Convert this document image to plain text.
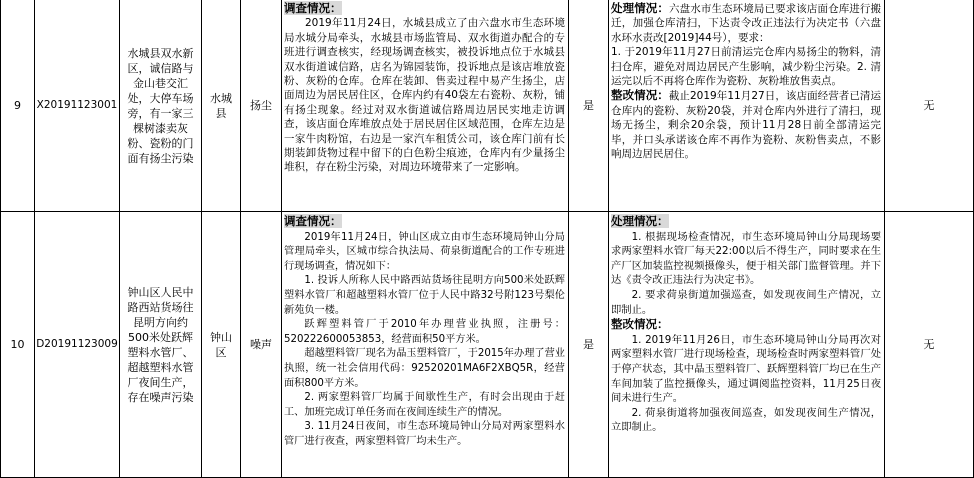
9	X20191123001
水城县双水新区，诚信路与金山巷交汇处，大停车场旁，有一家三棵树漆卖灰粉、瓷粉的门面有扬尘污染
水城县
扬尘

调查情况：

2019年11月24日，水城县成立了由六盘水市生态环境局水城分局牵头，水城县市场监管局、双水街道办配合的专班进行调查核实，经现场调查核实，被投诉地点位于水城县双水街道诚信路，店名为锦园装饰，投诉地点是该店堆放瓷粉、灰粉的仓库。仓库在装卸、售卖过程中易产生扬尘，店面周边为居民居住区，仓库内约有40袋左右瓷粉、灰粉，铺有扬尘现象。经过对双水街道诚信路周边居民实地走访调查，该店面仓库堆放点处于居民居住区域范围，仓库左边是一家牛肉粉馆，右边是一家汽车租赁公司，该仓库门前有长期装卸货物过程中留下的白色粉尘痕迹，仓库内有少量扬尘堆积，存在粉尘污染，对周边环境带来了一定影响。

是

处理情况：六盘水市生态环境局已要求该店面仓库进行搬迁，加强仓库清扫，下达责令改正违法行为决定书（六盘水环水责改[2019]44号），要求：

1. 于2019年11月27日前清运完仓库内易扬尘的物料，清扫仓库，避免对周边居民产生影响，减少粉尘污染。2. 清运完以后不再将仓库作为瓷粉、灰粉堆放售卖点。

整改情况：截止2019年11月27日，该店面经营者已清运仓库内的瓷粉、灰粉20袋，并对仓库内外进行了清扫，现场无扬尘，剩余20余袋，预计11月28日前全部清运完毕，并口头承诺该仓库不再作为瓷粉、灰粉售卖点，不影响周边居民居住。

无
10	D20191123009
钟山区人民中路西站货场往昆明方向约500米处跃辉塑料水管厂、超越塑料水管厂夜间生产，存在噪声污染
钟山区
噪声

调查情况：

2019年11月24日，钟山区成立由市生态环境局钟山分局管理局牵头，区城市综合执法局、荷泉街道配合的工作专班进行现场调查，情况如下：

1. 投诉人所称人民中路西站货场往昆明方向500米处跃辉塑料水管厂和超越塑料水管厂位于人民中路32号附123号梨伦新苑负一楼。

跃辉塑料管厂于2010年办理营业执照，注册号：520222600053853，经营面积50平方米。

超越塑料管厂现名为晶玉塑料管厂，于2015年办理了营业执照，统一社会信用代码：92520201MA6F2XBQ5R，经营面积800平方米。

2. 两家塑料管厂均属于间歇性生产，有时会出现由于赶工、加班完成订单任务而在夜间连续生产的情况。

3. 11月24日夜间，市生态环境局钟山分局对两家塑料水管厂进行夜查，两家塑料管厂均未生产。

是

处理情况：

1. 根据现场检查情况，市生态环境局钟山分局现场要求两家塑料水管厂每天22:00以后不得生产，同时要求在生产厂区加装监控视频摄像头，便于相关部门监督管理。并下达《责令改正违法行为决定书》。

2. 要求荷泉街道加强巡查，如发现夜间生产情况，立即制止。

整改情况：

1. 2019年11月26日，市生态环境局钟山分局再次对两家塑料水管厂进行现场检查，现场检查时两家塑料管厂处于停产状态，其中晶玉塑料管厂、跃辉塑料管厂均已在生产车间加装了监控摄像头，通过调阅监控资料，11月25日夜间未进行生产。

2. 荷泉街道将加强夜间巡查，如发现夜间生产情况，立即制止。

无
